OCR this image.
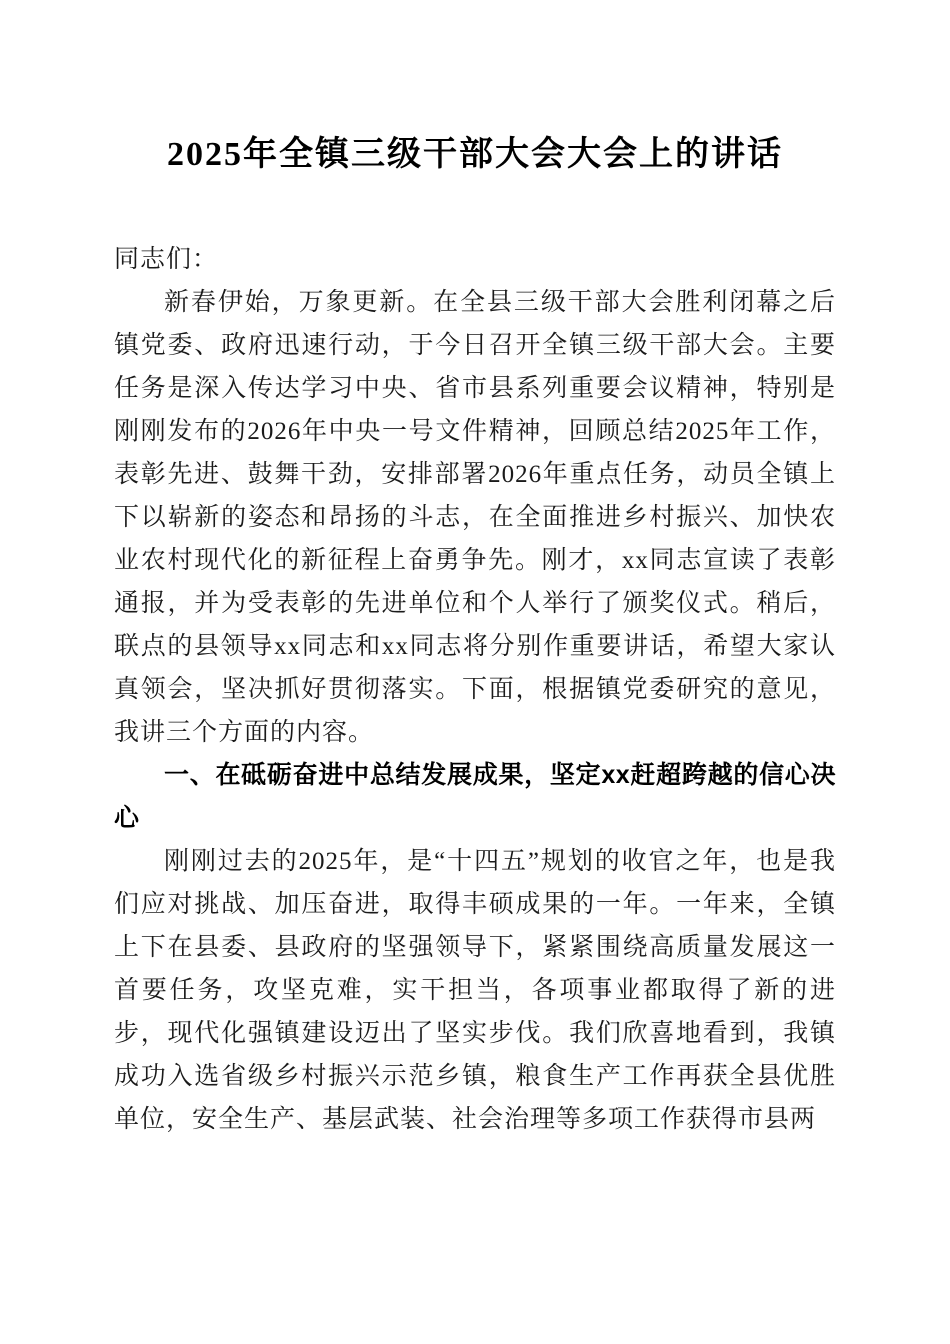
2025年全镇三级干部大会大会上的讲话

同志们：

新春伊始，万象更新。在全县三级干部大会胜利闭幕之后镇党委、政府迅速行动，于今日召开全镇三级干部大会。主要任务是深入传达学习中央、省市县系列重要会议精神，特别是刚刚发布的2026年中央一号文件精神，回顾总结2025年工作，表彰先进、鼓舞干劲，安排部署2026年重点任务，动员全镇上下以崭新的姿态和昂扬的斗志，在全面推进乡村振兴、加快农业农村现代化的新征程上奋勇争先。刚才，xx同志宣读了表彰通报，并为受表彰的先进单位和个人举行了颁奖仪式。稍后，联点的县领导xx同志和xx同志将分别作重要讲话，希望大家认真领会，坚决抓好贯彻落实。下面，根据镇党委研究的意见，我讲三个方面的内容。

一、在砥砺奋进中总结发展成果，坚定xx赶超跨越的信心决心

刚刚过去的2025年，是“十四五”规划的收官之年，也是我们应对挑战、加压奋进，取得丰硕成果的一年。一年来，全镇上下在县委、县政府的坚强领导下，紧紧围绕高质量发展这一首要任务，攻坚克难，实干担当，各项事业都取得了新的进步，现代化强镇建设迈出了坚实步伐。我们欣喜地看到，我镇成功入选省级乡村振兴示范乡镇，粮食生产工作再获全县优胜单位，安全生产、基层武装、社会治理等多项工作获得市县两
